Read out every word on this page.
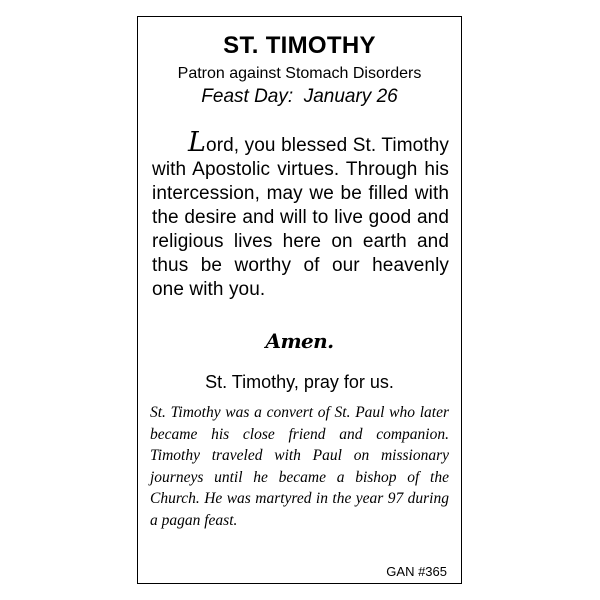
ST. TIMOTHY
Patron against Stomach Disorders
Feast Day:  January 26
Lord, you blessed St. Timothy with Apostolic virtues. Through his intercession, may we be filled with the desire and will to live good and religious lives here on earth and thus be worthy of our heavenly one with you.
Amen.
St. Timothy, pray for us.
St. Timothy was a convert of St. Paul who later became his close friend and companion. Timothy traveled with Paul on missionary journeys until he became a bishop of the Church. He was martyred in the year 97 during a pagan feast.
GAN #365
